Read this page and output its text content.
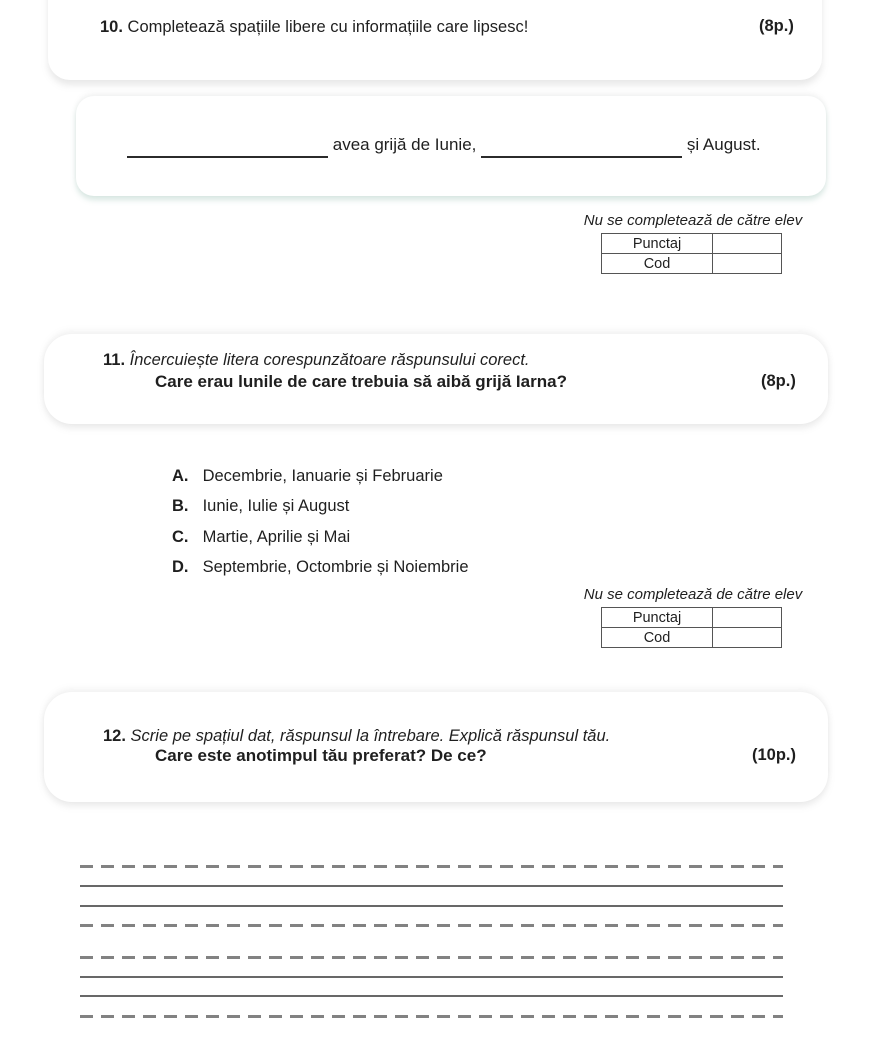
10. Completează spațiile libere cu informațiile care lipsesc!	(8p.)
avea grijă de Iunie,	și August.
Nu se completează de către elev
Punctaj	
Cod	
11. Încercuiește litera corespunzătoare răspunsului corect.
Care erau lunile de care trebuia să aibă grijă Iarna?	(8p.)
A. Decembrie, Ianuarie și Februarie
B. Iunie, Iulie și August
C. Martie, Aprilie și Mai
D. Septembrie, Octombrie și Noiembrie
Nu se completează de către elev
Punctaj	
Cod	
12. Scrie pe spațiul dat, răspunsul la întrebare. Explică răspunsul tău.
Care este anotimpul tău preferat? De ce?	(10p.)
